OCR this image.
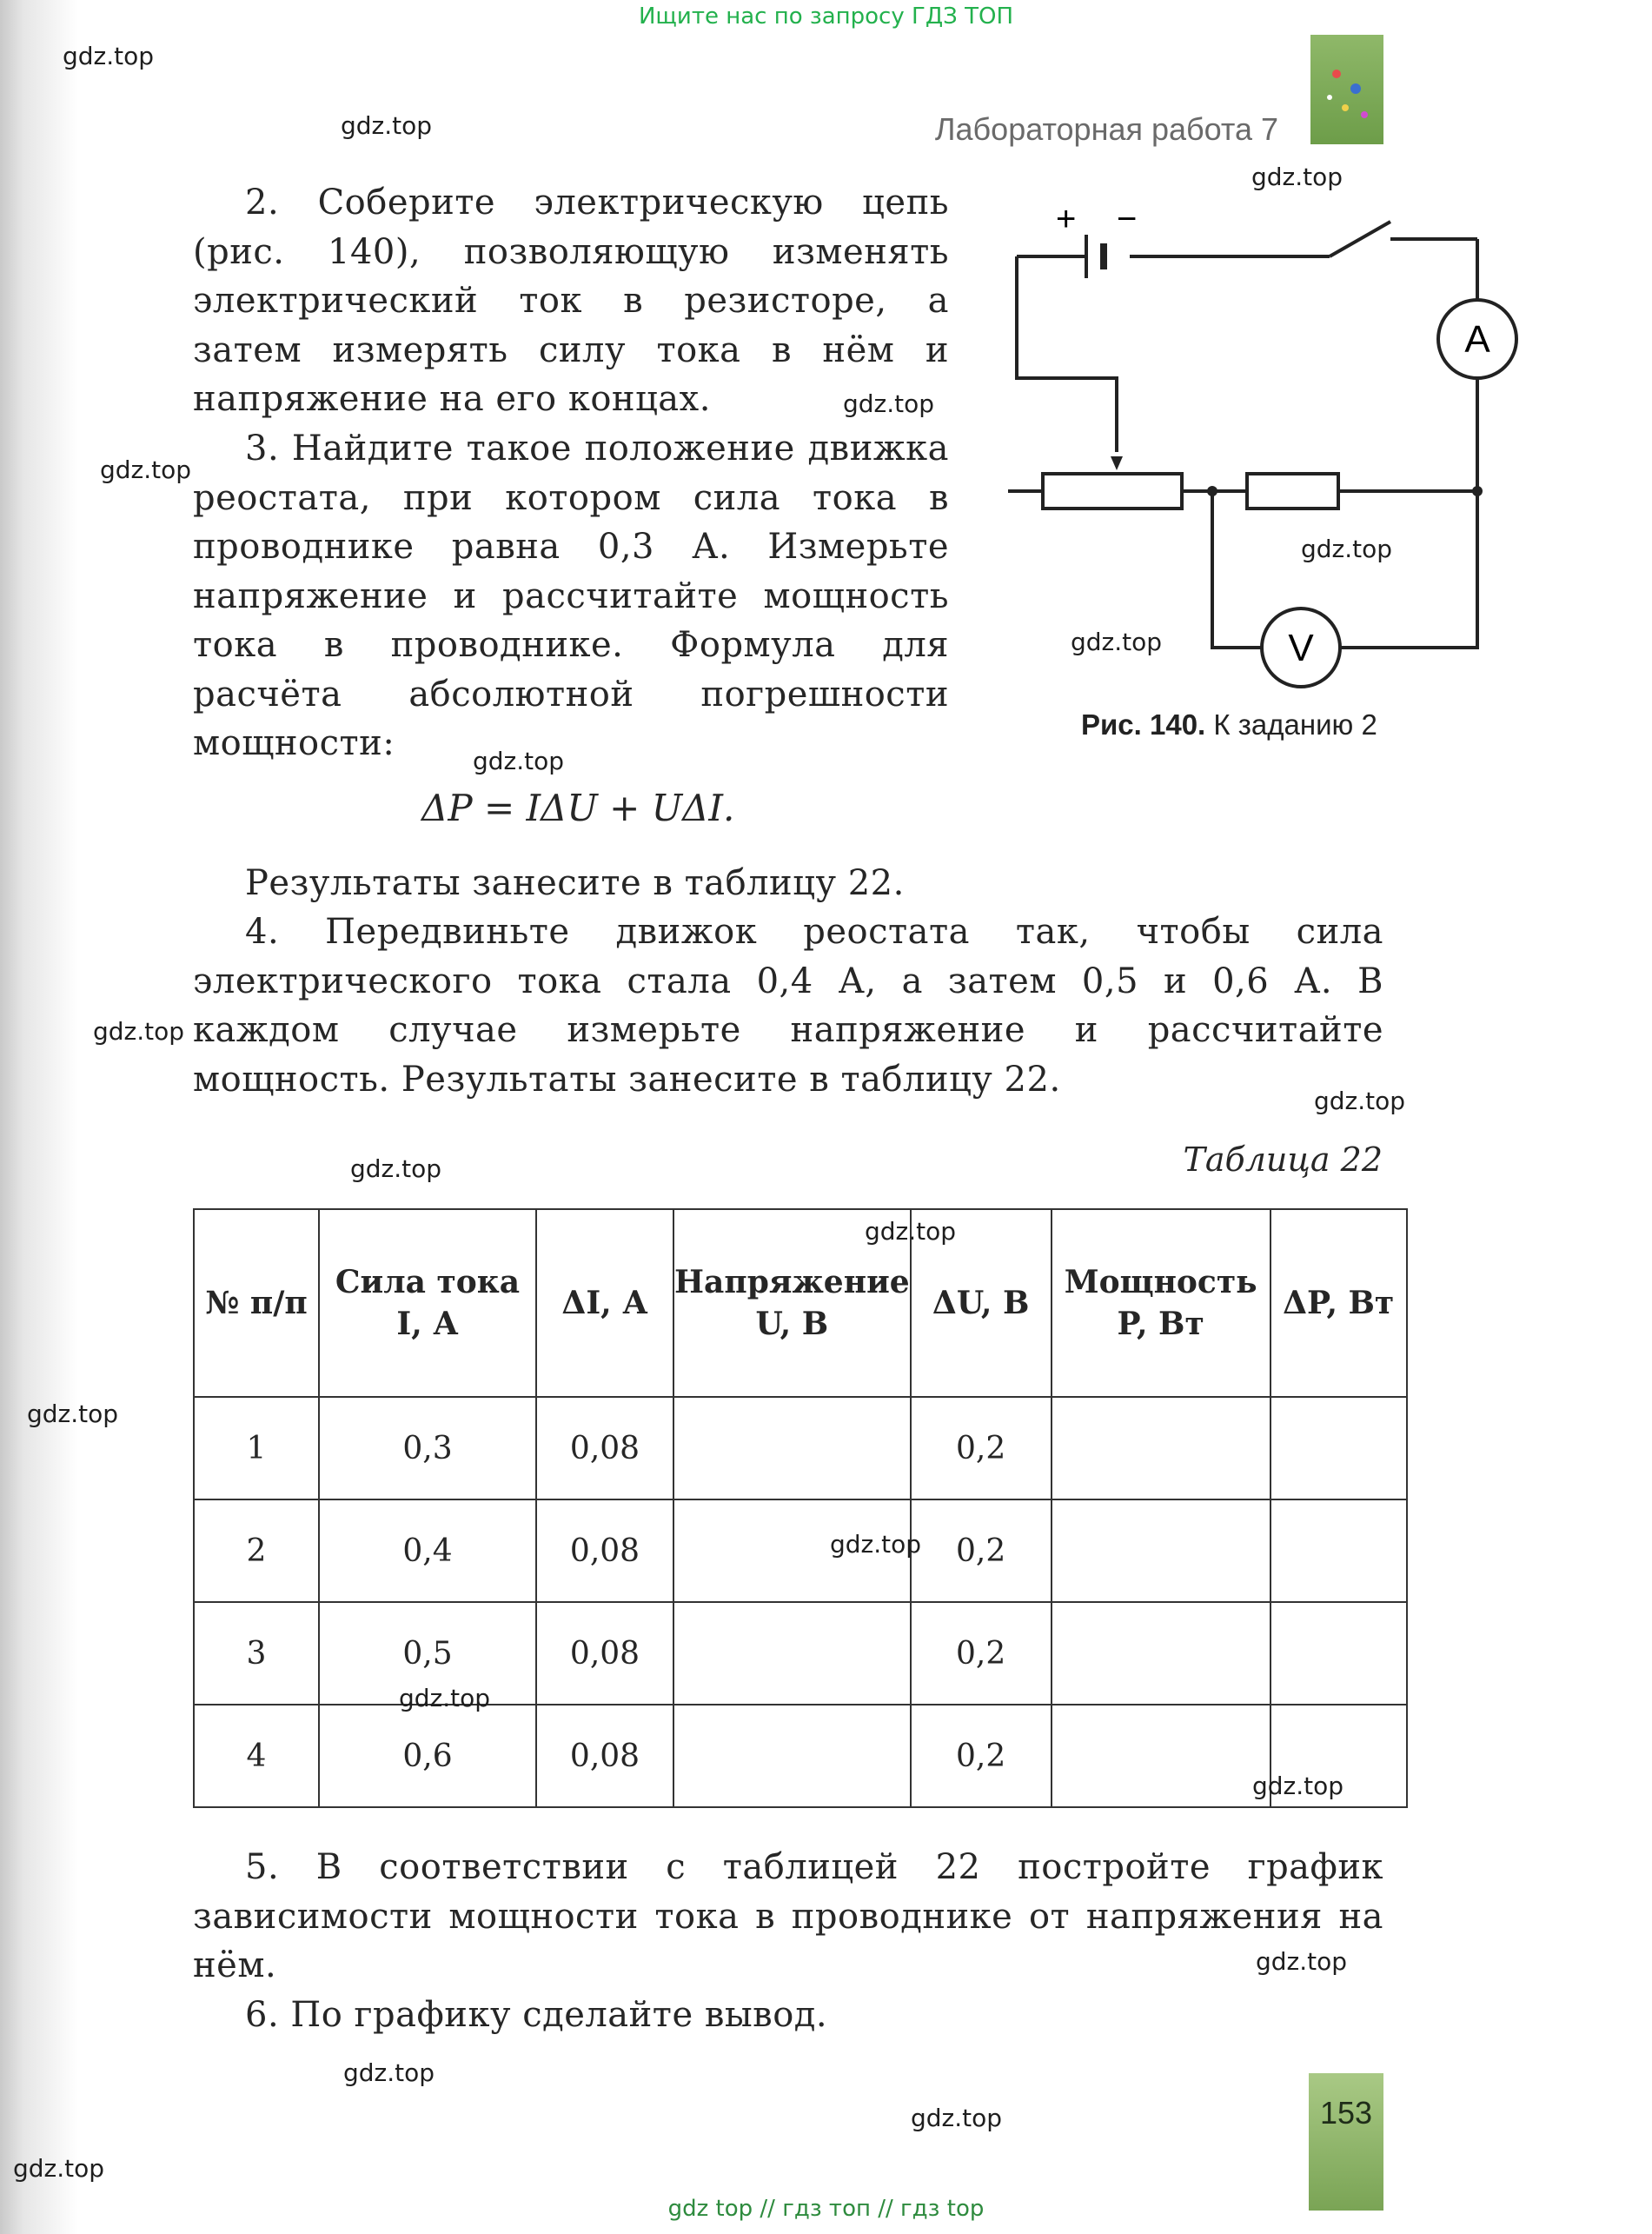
Ищите нас по запросу ГДЗ ТОП
Лабораторная работа 7

2. Соберите электрическую цепь (рис. 140), позволяющую изменять электрический ток в резисторе, а затем измерять силу тока в нём и напряжение на его концах.

3. Найдите такое положение движка реостата, при котором сила тока в проводнике равна 0,3 А. Измерьте напряжение и рассчитайте мощность тока в проводнике. Формула для расчёта абсолютной погрешности мощности:

ΔP = IΔU + UΔI.

Результаты занесите в таблицу 22.

4. Передвиньте движок реостата так, чтобы сила электрического тока стала 0,4 А, а затем 0,5 и 0,6 А. В каждом случае измерьте напряжение и рассчитайте мощность. Результаты занесите в таблицу 22.

+ −
A
V
Рис. 140. К заданию 2
Таблица 22
№ п/п	Сила тока I, А	ΔI, А	Напряжение U, В	ΔU, В	Мощность P, Вт	ΔP, Вт
1	0,3	0,08		0,2		
2	0,4	0,08		0,2		
3	0,5	0,08		0,2		
4	0,6	0,08		0,2		

5. В соответствии с таблицей 22 постройте график зависимости мощности тока в проводнике от напряжения на нём.

6. По графику сделайте вывод.

gdz.top
gdz.top
gdz.top
gdz.top
gdz.top
gdz.top
gdz.top
gdz.top
gdz.top
gdz.top
gdz.top
gdz.top
gdz.top
gdz.top
gdz.top
gdz.top
gdz.top
gdz.top
gdz.top
gdz.top
153
gdz top // гдз топ // гдз top
